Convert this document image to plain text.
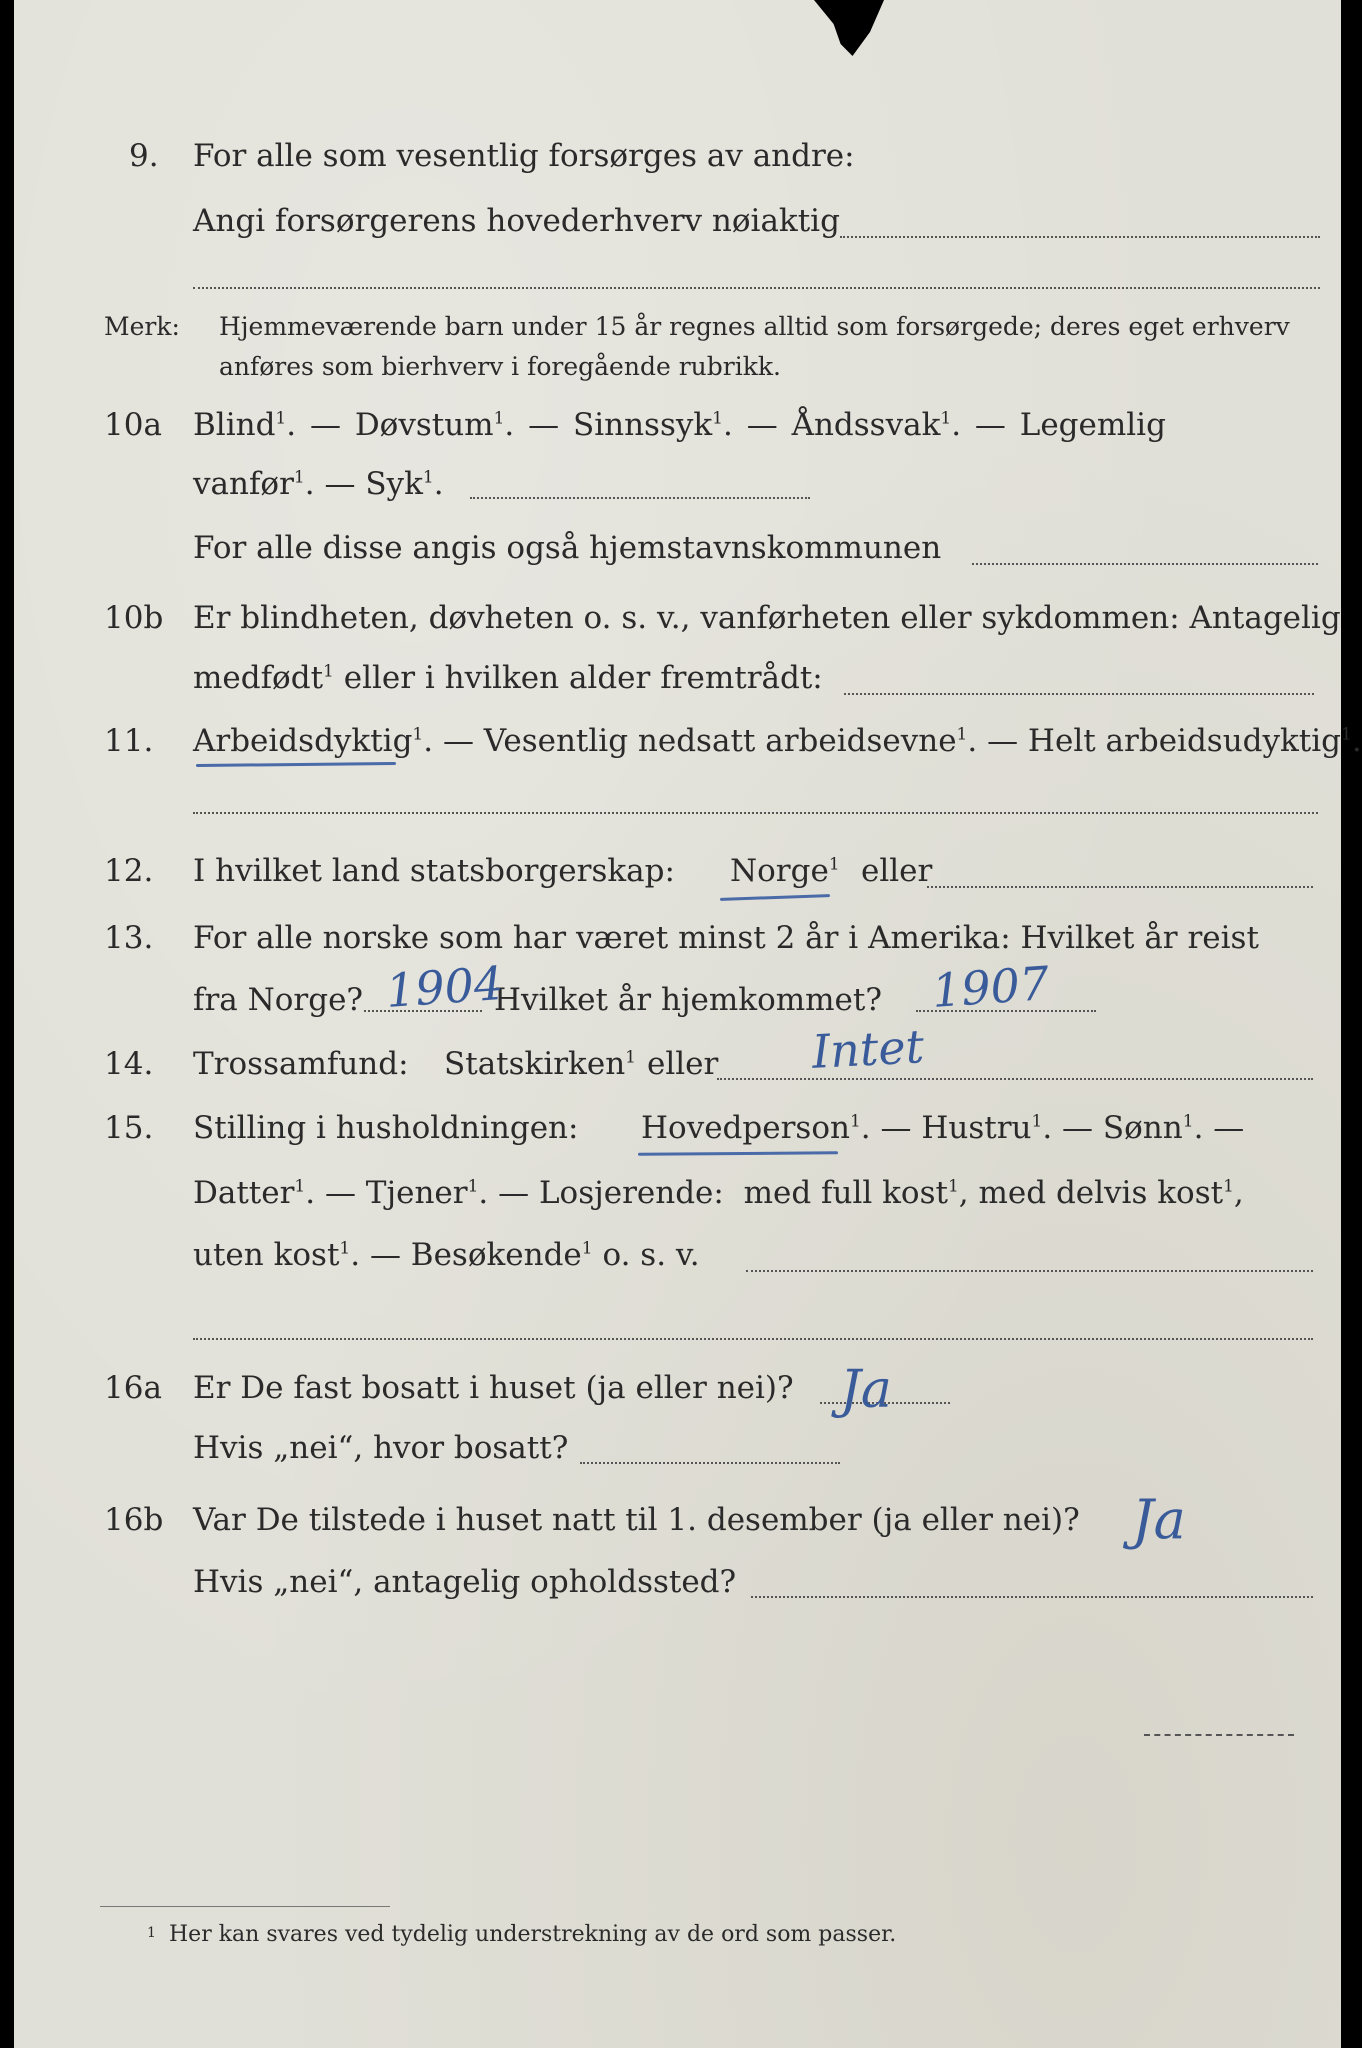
9.	For alle som vesentlig forsørges av andre:
Angi forsørgerens hovederhverv nøiaktig
Merk: Hjemmeværende barn under 15 år regnes alltid som forsørgede; deres eget erhverv
anføres som bierhverv i foregående rubrikk.
10a	Blind$^1$. — Døvstum$^1$. — Sinnssyk$^1$. — Åndssvak$^1$. — Legemlig
vanfør$^1$. — Syk$^1$.
For alle disse angis også hjemstavnskommunen
10b Er blindheten, døvheten o. s. v., vanførheten eller sykdommen: Antagelig
medfødt$^1$ eller i hvilken alder fremtrådt:
11.	Arbeidsdyktig$^1$. — Vesentlig nedsatt arbeidsevne$^1$. — Helt arbeidsudyktig$^1$.
12.	I hvilket land statsborgerskap: Norge$^1$ eller
13.	For alle norske som har været minst 2 år i Amerika: Hvilket år reist
fra Norge?	Hvilket år hjemkommet?
1904	1907
14.	Trossamfund: Statskirken$^1$ eller Intet
15.	Stilling i husholdningen: Hovedperson$^1$. — Hustru$^1$. — Sønn$^1$. —
Datter$^1$. — Tjener$^1$. — Losjerende: med full kost$^1$, med delvis kost$^1$,
uten kost$^1$. — Besøkende$^1$ o. s. v.
16a	Er De fast bosatt i huset (ja eller nei)? Ja
Hvis „nei“, hvor bosatt?
16b Var De tilstede i huset natt til 1. desember (ja eller nei)? Ja
Hvis „nei“, antagelig opholdssted?
1 Her kan svares ved tydelig understrekning av de ord som passer.
